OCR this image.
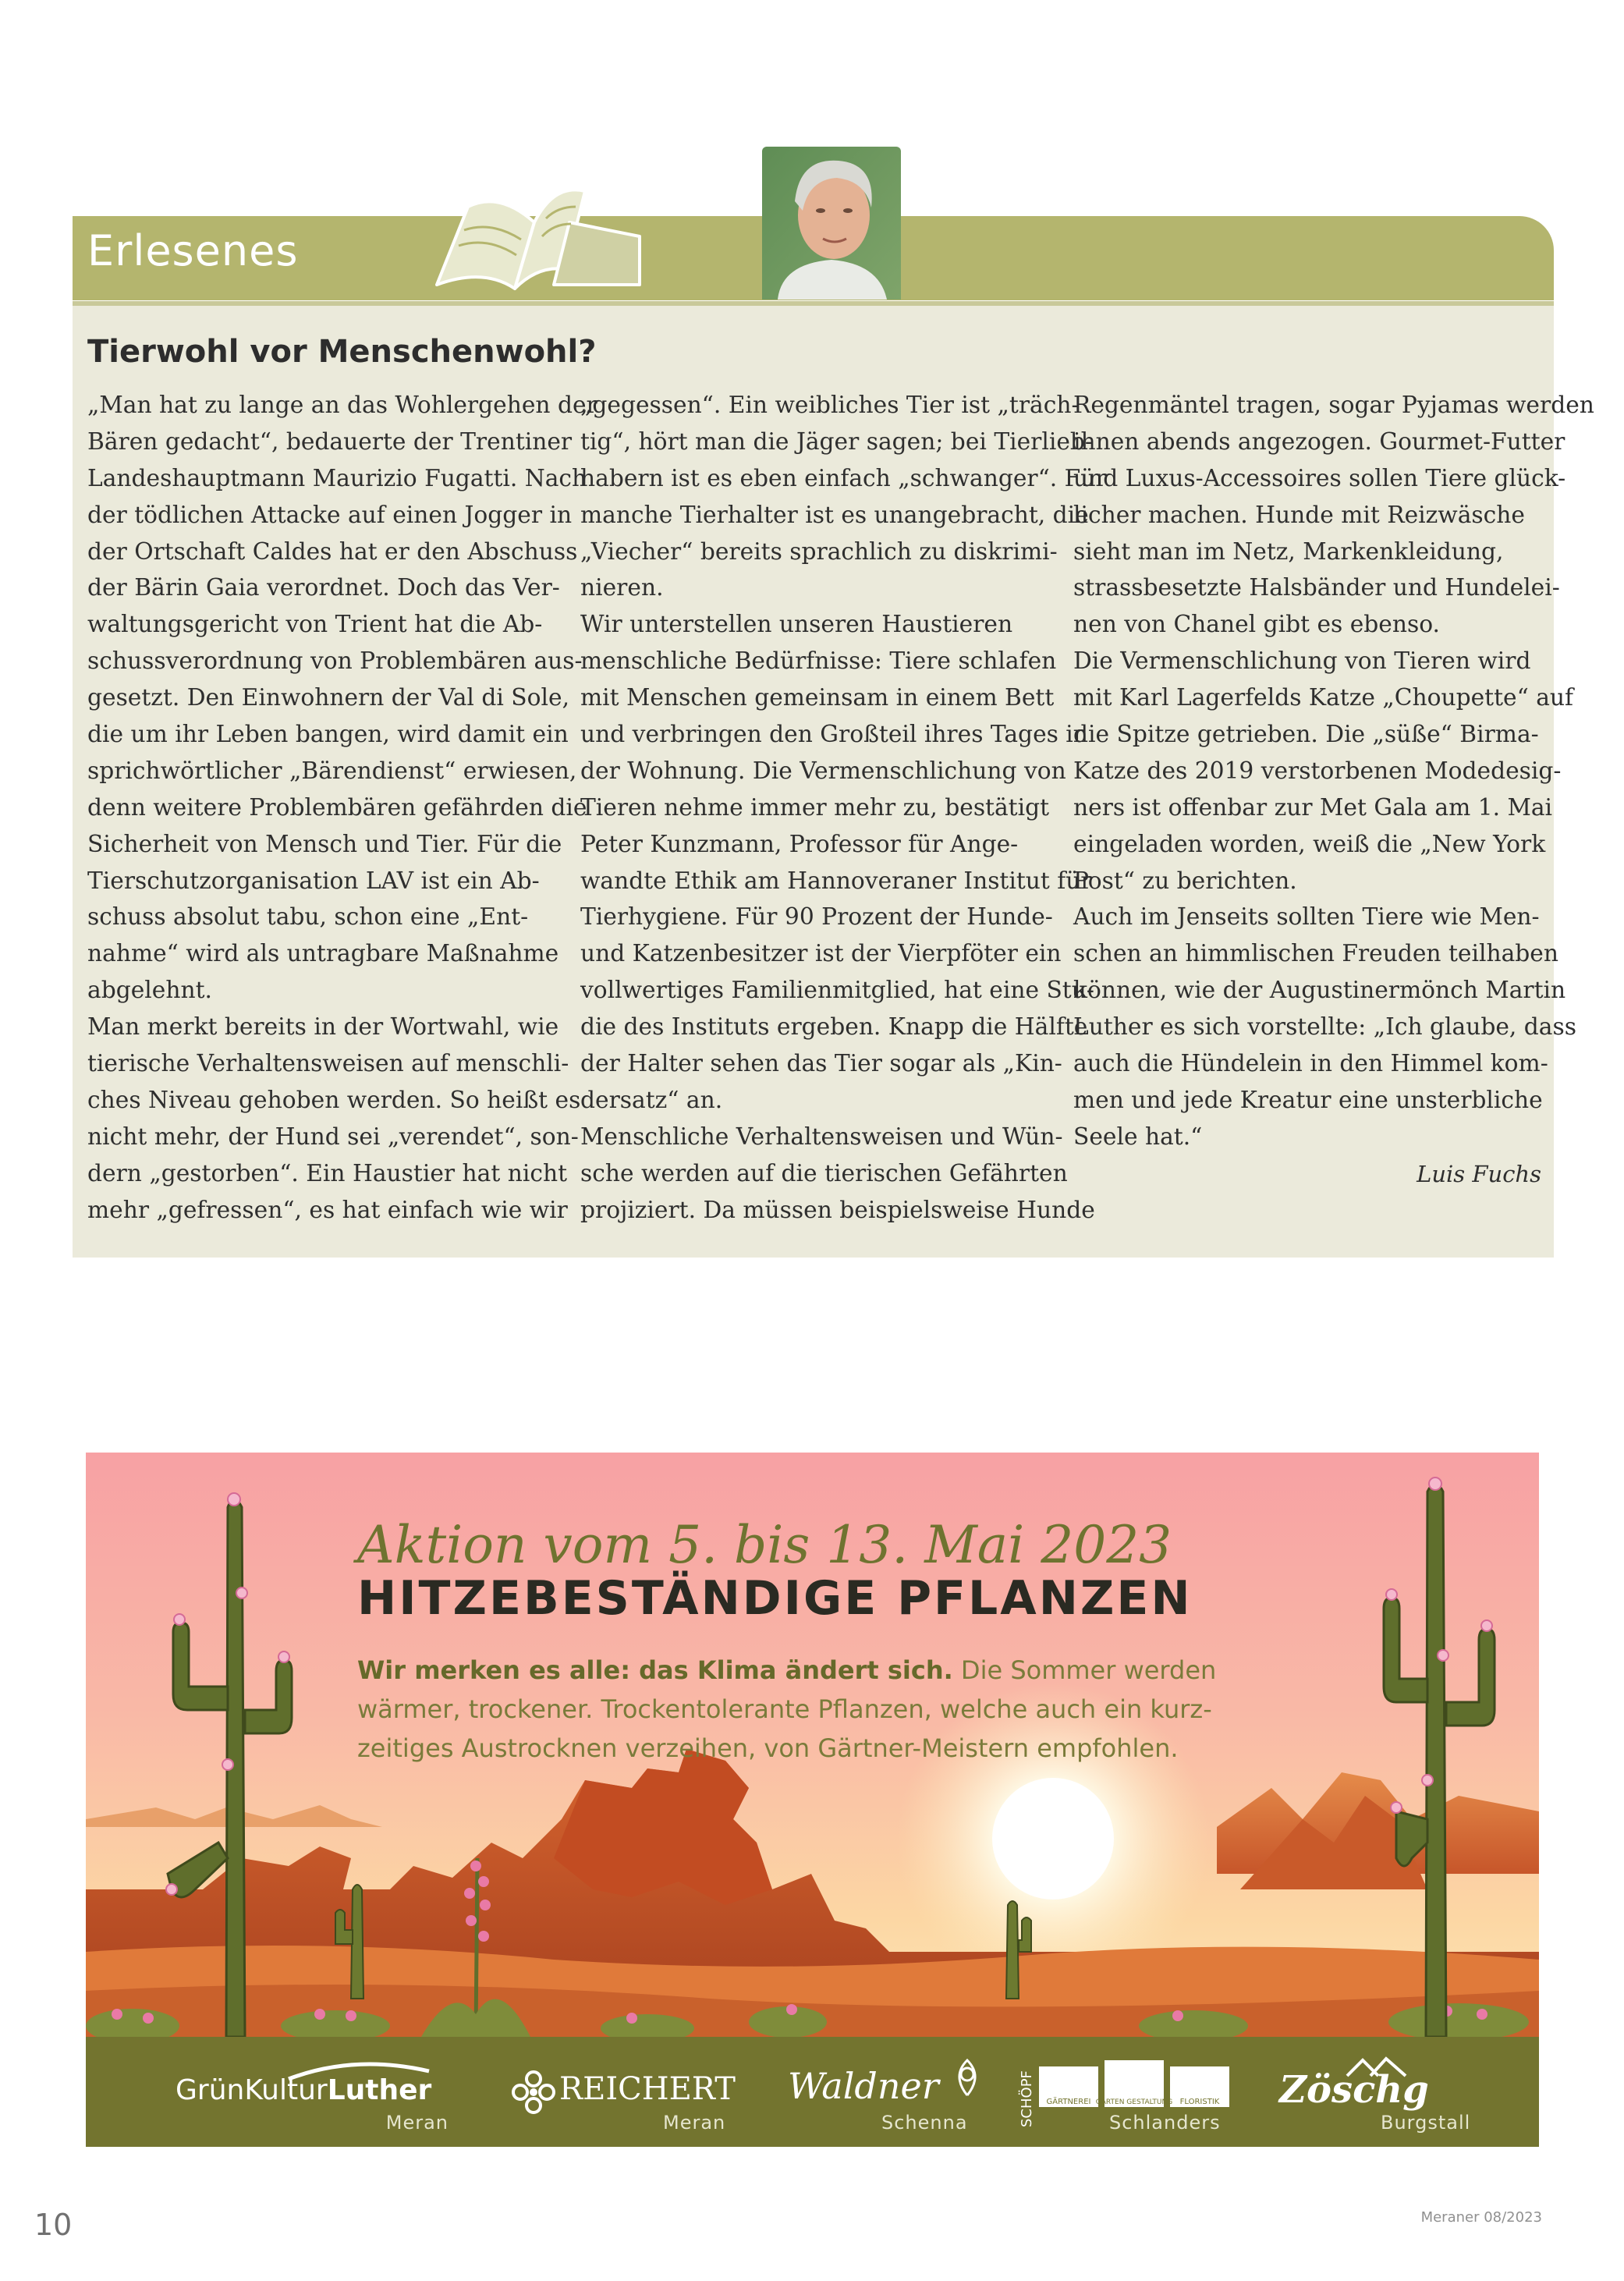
Erlesenes
Tierwohl vor Menschenwohl?
„Man hat zu lange an das Wohlergehen der
Bären gedacht“, bedauerte der Trentiner
Landeshauptmann Maurizio Fugatti. Nach
der tödlichen Attacke auf einen Jogger in
der Ortschaft Caldes hat er den Abschuss
der Bärin Gaia verordnet. Doch das Ver-
waltungsgericht von Trient hat die Ab-
schussverordnung von Problembären aus-
gesetzt. Den Einwohnern der Val di Sole,
die um ihr Leben bangen, wird damit ein
sprichwörtlicher „Bärendienst“ erwiesen,
denn weitere Problembären gefährden die
Sicherheit von Mensch und Tier. Für die
Tierschutzorganisation LAV ist ein Ab-
schuss absolut tabu, schon eine „Ent-
nahme“ wird als untragbare Maßnahme
abgelehnt.
Man merkt bereits in der Wortwahl, wie
tierische Verhaltensweisen auf menschli-
ches Niveau gehoben werden. So heißt es
nicht mehr, der Hund sei „verendet“, son-
dern „gestorben“. Ein Haustier hat nicht
mehr „gefressen“, es hat einfach wie wir
„gegessen“. Ein weibliches Tier ist „träch-
tig“, hört man die Jäger sagen; bei Tierlieb-
habern ist es eben einfach „schwanger“. Für
manche Tierhalter ist es unangebracht, die
„Viecher“ bereits sprachlich zu diskrimi-
nieren.
Wir unterstellen unseren Haustieren
menschliche Bedürfnisse: Tiere schlafen
mit Menschen gemeinsam in einem Bett
und verbringen den Großteil ihres Tages in
der Wohnung. Die Vermenschlichung von
Tieren nehme immer mehr zu, bestätigt
Peter Kunzmann, Professor für Ange-
wandte Ethik am Hannoveraner Institut für
Tierhygiene. Für 90 Prozent der Hunde-
und Katzenbesitzer ist der Vierpföter ein
vollwertiges Familienmitglied, hat eine Stu-
die des Instituts ergeben. Knapp die Hälfte
der Halter sehen das Tier sogar als „Kin-
dersatz“ an.
Menschliche Verhaltensweisen und Wün-
sche werden auf die tierischen Gefährten
projiziert. Da müssen beispielsweise Hunde
Regenmäntel tragen, sogar Pyjamas werden
ihnen abends angezogen. Gourmet-Futter
und Luxus-Accessoires sollen Tiere glück-
licher machen. Hunde mit Reizwäsche
sieht man im Netz, Markenkleidung,
strassbesetzte Halsbänder und Hundelei-
nen von Chanel gibt es ebenso.
Die Vermenschlichung von Tieren wird
mit Karl Lagerfelds Katze „Choupette“ auf
die Spitze getrieben. Die „süße“ Birma-
Katze des 2019 verstorbenen Modedesig-
ners ist offenbar zur Met Gala am 1. Mai
eingeladen worden, weiß die „New York
Post“ zu berichten.
Auch im Jenseits sollten Tiere wie Men-
schen an himmlischen Freuden teilhaben
können, wie der Augustinermönch Martin
Luther es sich vorstellte: „Ich glaube, dass
auch die Hündelein in den Himmel kom-
men und jede Kreatur eine unsterbliche
Seele hat.“
Luis Fuchs
Aktion vom 5. bis 13. Mai 2023
HITZEBESTÄNDIGE PFLANZEN
Wir merken es alle: das Klima ändert sich. Die Sommer werden
wärmer, trockener. Trockentolerante Pflanzen, welche auch ein kurz-
zeitiges Austrocknen verzeihen, von Gärtner-Meistern empfohlen.
GrünKulturLuther
Meran
REICHERT
Meran
Waldner
Schenna	SCHÖPF GÄRTNEREI GARTEN GESTALTUNG FLORISTIK
Schlanders
Zöschg
Burgstall
10	Meraner 08/2023
